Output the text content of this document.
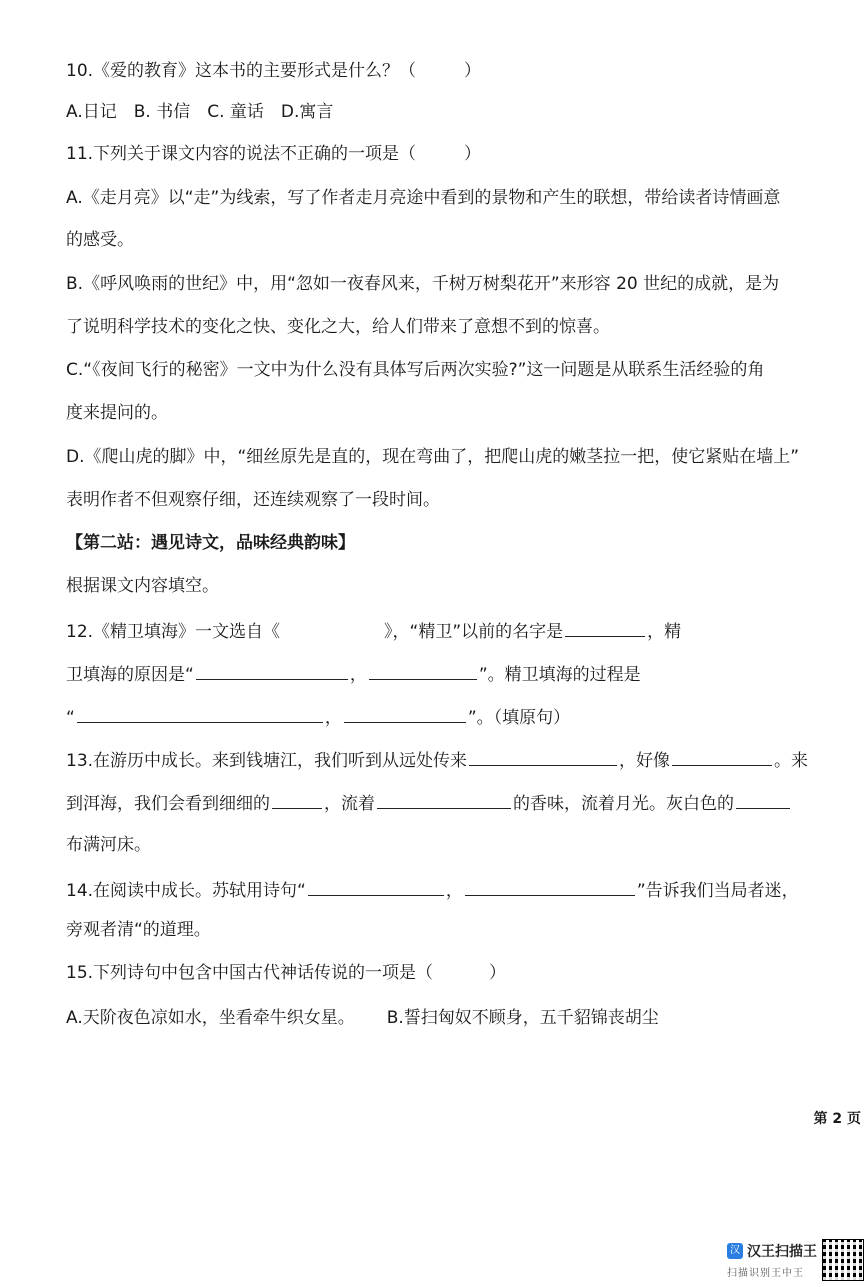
10.《爱的教育》这本书的主要形式是什么？（	）
A.日记　B. 书信　C. 童话　D.寓言
11.下列关于课文内容的说法不正确的一项是（	）
A.《走月亮》以“走”为线索，写了作者走月亮途中看到的景物和产生的联想，带给读者诗情画意
的感受。
B.《呼风唤雨的世纪》中，用“忽如一夜春风来，千树万树梨花开”来形容 20 世纪的成就，是为
了说明科学技术的变化之快、变化之大，给人们带来了意想不到的惊喜。
C.“《夜间飞行的秘密》一文中为什么没有具体写后两次实验?”这一问题是从联系生活经验的角
度来提问的。
D.《爬山虎的脚》中，“细丝原先是直的，现在弯曲了，把爬山虎的嫩茎拉一把，使它紧贴在墙上”
表明作者不但观察仔细，还连续观察了一段时间。
【第二站：遇见诗文，品味经典韵味】
根据课文内容填空。
12.《精卫填海》一文选自《	》，“精卫”以前的名字是	，精
卫填海的原因是“	，	”。精卫填海的过程是
“	，	”。（填原句）
13.在游历中成长。来到钱塘江，我们听到从远处传来	，好像	。来
到洱海，我们会看到细细的	，流着	的香味，流着月光。灰白色的
布满河床。
14.在阅读中成长。苏轼用诗句“	，	”告诉我们当局者迷，
旁观者清“的道理。
15.下列诗句中包含中国古代神话传说的一项是（	）
A.天阶夜色凉如水，坐看牵牛织女星。 B.誓扫匈奴不顾身，五千貂锦丧胡尘
第 2 页
汉 汉王扫描王
扫描识别王中王
